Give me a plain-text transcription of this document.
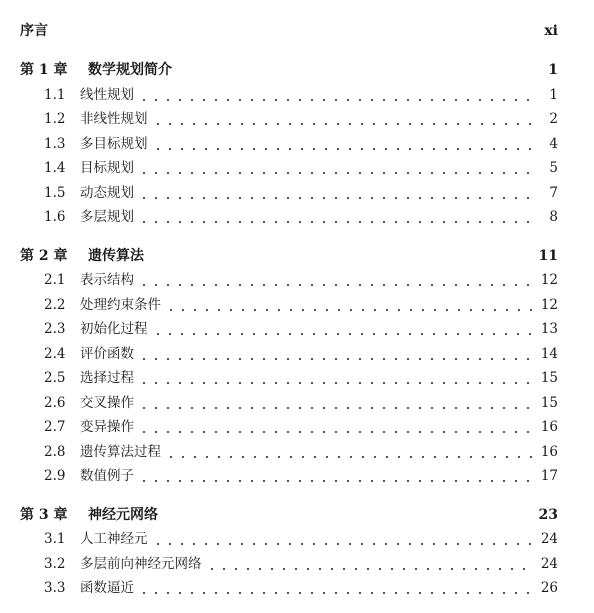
序言	xi
第 1 章 数学规划简介	1
1.1 线性规划	1
1.2 非线性规划	2
1.3 多目标规划	4
1.4 目标规划	5
1.5 动态规划	7
1.6 多层规划	8
第 2 章 遗传算法	11
2.1 表示结构	12
2.2 处理约束条件	12
2.3 初始化过程	13
2.4 评价函数	14
2.5 选择过程	15
2.6 交叉操作	15
2.7 变异操作	16
2.8 遗传算法过程	16
2.9 数值例子	17
第 3 章 神经元网络	23
3.1 人工神经元	24
3.2 多层前向神经元网络	24
3.3 函数逼近	26
